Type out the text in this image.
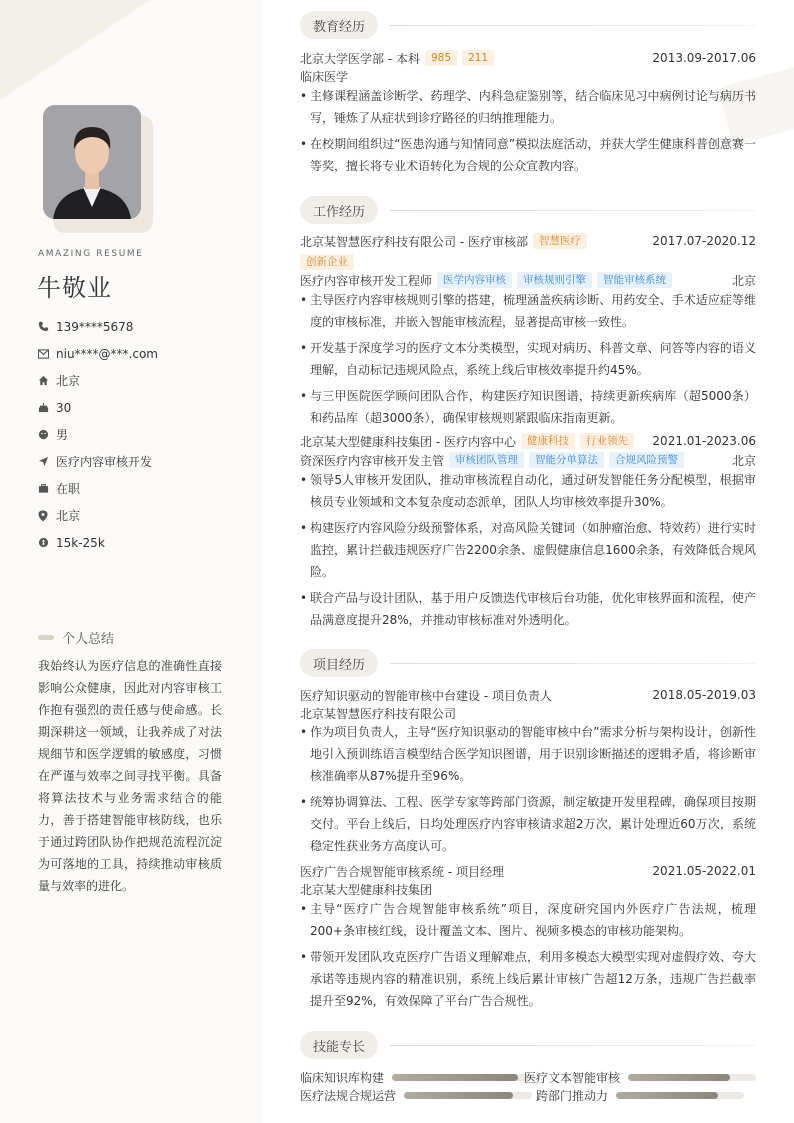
AMAZING RESUME
牛敬业
139****5678
niu****@***.com
北京
30
男
医疗内容审核开发
在职
北京
15k-25k
个人总结
我始终认为医疗信息的准确性直接影响公众健康，因此对内容审核工作抱有强烈的责任感与使命感。长期深耕这一领域，让我养成了对法规细节和医学逻辑的敏感度，习惯在严谨与效率之间寻找平衡。具备将算法技术与业务需求结合的能力，善于搭建智能审核防线，也乐于通过跨团队协作把规范流程沉淀为可落地的工具，持续推动审核质量与效率的进化。
教育经历
北京大学医学部 - 本科	985	211	2013.09-2017.06
临床医学
• 主修课程涵盖诊断学、药理学、内科急症鉴别等，结合临床见习中病例讨论与病历书写，锤炼了从症状到诊疗路径的归纳推理能力。
• 在校期间组织过“医患沟通与知情同意”模拟法庭活动，并获大学生健康科普创意赛一等奖，擅长将专业术语转化为合规的公众宣教内容。
工作经历
北京某智慧医疗科技有限公司 - 医疗审核部	智慧医疗	2017.07-2020.12
创新企业
医疗内容审核开发工程师	医学内容审核	审核规则引擎	智能审核系统	北京
• 主导医疗内容审核规则引擎的搭建，梳理涵盖疾病诊断、用药安全、手术适应症等维度的审核标准，并嵌入智能审核流程，显著提高审核一致性。
• 开发基于深度学习的医疗文本分类模型，实现对病历、科普文章、问答等内容的语义理解，自动标记违规风险点，系统上线后审核效率提升约45%。
• 与三甲医院医学顾问团队合作，构建医疗知识图谱，持续更新疾病库（超5000条）和药品库（超3000条），确保审核规则紧跟临床指南更新。
北京某大型健康科技集团 - 医疗内容中心	健康科技	行业领先	2021.01-2023.06
资深医疗内容审核开发主管	审核团队管理	智能分单算法	合规风险预警	北京
• 领导5人审核开发团队，推动审核流程自动化，通过研发智能任务分配模型，根据审核员专业领域和文本复杂度动态派单，团队人均审核效率提升30%。
• 构建医疗内容风险分级预警体系，对高风险关键词（如肿瘤治愈、特效药）进行实时监控，累计拦截违规医疗广告2200余条、虚假健康信息1600余条，有效降低合规风险。
• 联合产品与设计团队，基于用户反馈迭代审核后台功能，优化审核界面和流程，使产品满意度提升28%，并推动审核标准对外透明化。
项目经历
医疗知识驱动的智能审核中台建设 - 项目负责人	2018.05-2019.03
北京某智慧医疗科技有限公司
• 作为项目负责人，主导“医疗知识驱动的智能审核中台”需求分析与架构设计，创新性地引入预训练语言模型结合医学知识图谱，用于识别诊断描述的逻辑矛盾，将诊断审核准确率从87%提升至96%。
• 统筹协调算法、工程、医学专家等跨部门资源，制定敏捷开发里程碑，确保项目按期交付。平台上线后，日均处理医疗内容审核请求超2万次，累计处理近60万次，系统稳定性获业务方高度认可。
医疗广告合规智能审核系统 - 项目经理	2021.05-2022.01
北京某大型健康科技集团
• 主导“医疗广告合规智能审核系统”项目，深度研究国内外医疗广告法规，梳理200+条审核红线，设计覆盖文本、图片、视频多模态的审核功能架构。
• 带领开发团队攻克医疗广告语义理解难点，利用多模态大模型实现对虚假疗效、夸大承诺等违规内容的精准识别，系统上线后累计审核广告超12万条，违规广告拦截率提升至92%，有效保障了平台广告合规性。
技能专长
临床知识库构建	医疗文本智能审核
医疗法规合规运营	跨部门推动力
